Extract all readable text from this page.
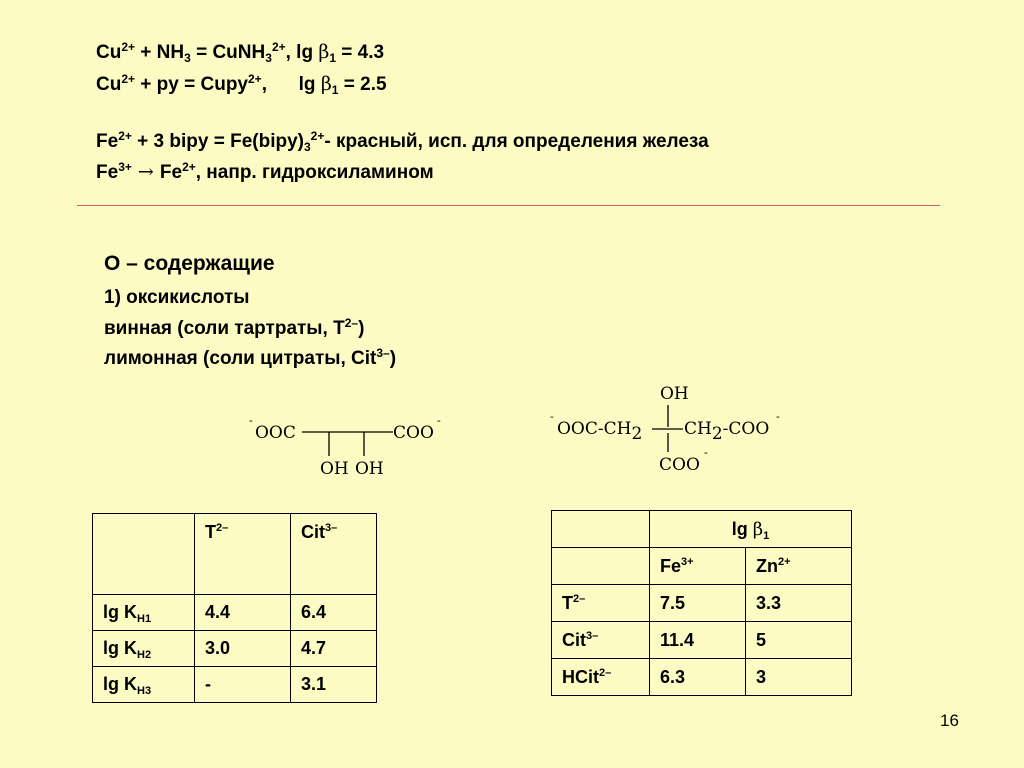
$Cu^{2+} + NH_3$ = CuNH$_3^{2+}$, $\lg \beta_1 = 4.3$
$Cu^{2+}$ + py = Cupy$^{2+}$,      $\lg \beta_1 = 2.5$
$Fe^{2+} + 3$ bipy = $Fe(bipy)_3^{2+}-$ красный, исп. для определения железа
$Fe^{3+} \to Fe^{2+}$, напр. гидроксиламином
O – содержащие
1) оксикислоты
винная (соли тартраты, $T^{2-}$)
лимонная (соли цитраты, Cit$^{3-}$)
-
OOC	COO
-
OH OH
OH
-
OOC-CH2 CH2-COO
-
COO
-
	$T^{2-}$	Cit$^{3-}$
$\lg K_{H1}$	4.4	6.4
$\lg K_{H2}$	3.0	4.7
$\lg K_{H3}$	-	3.1
	$\lg \beta_1$
	$Fe^{3+}$	$Zn^{2+}$
$T^{2-}$	7.5	3.3
Cit$^{3-}$	11.4	5
HCit$^{2-}$	6.3	3
16
